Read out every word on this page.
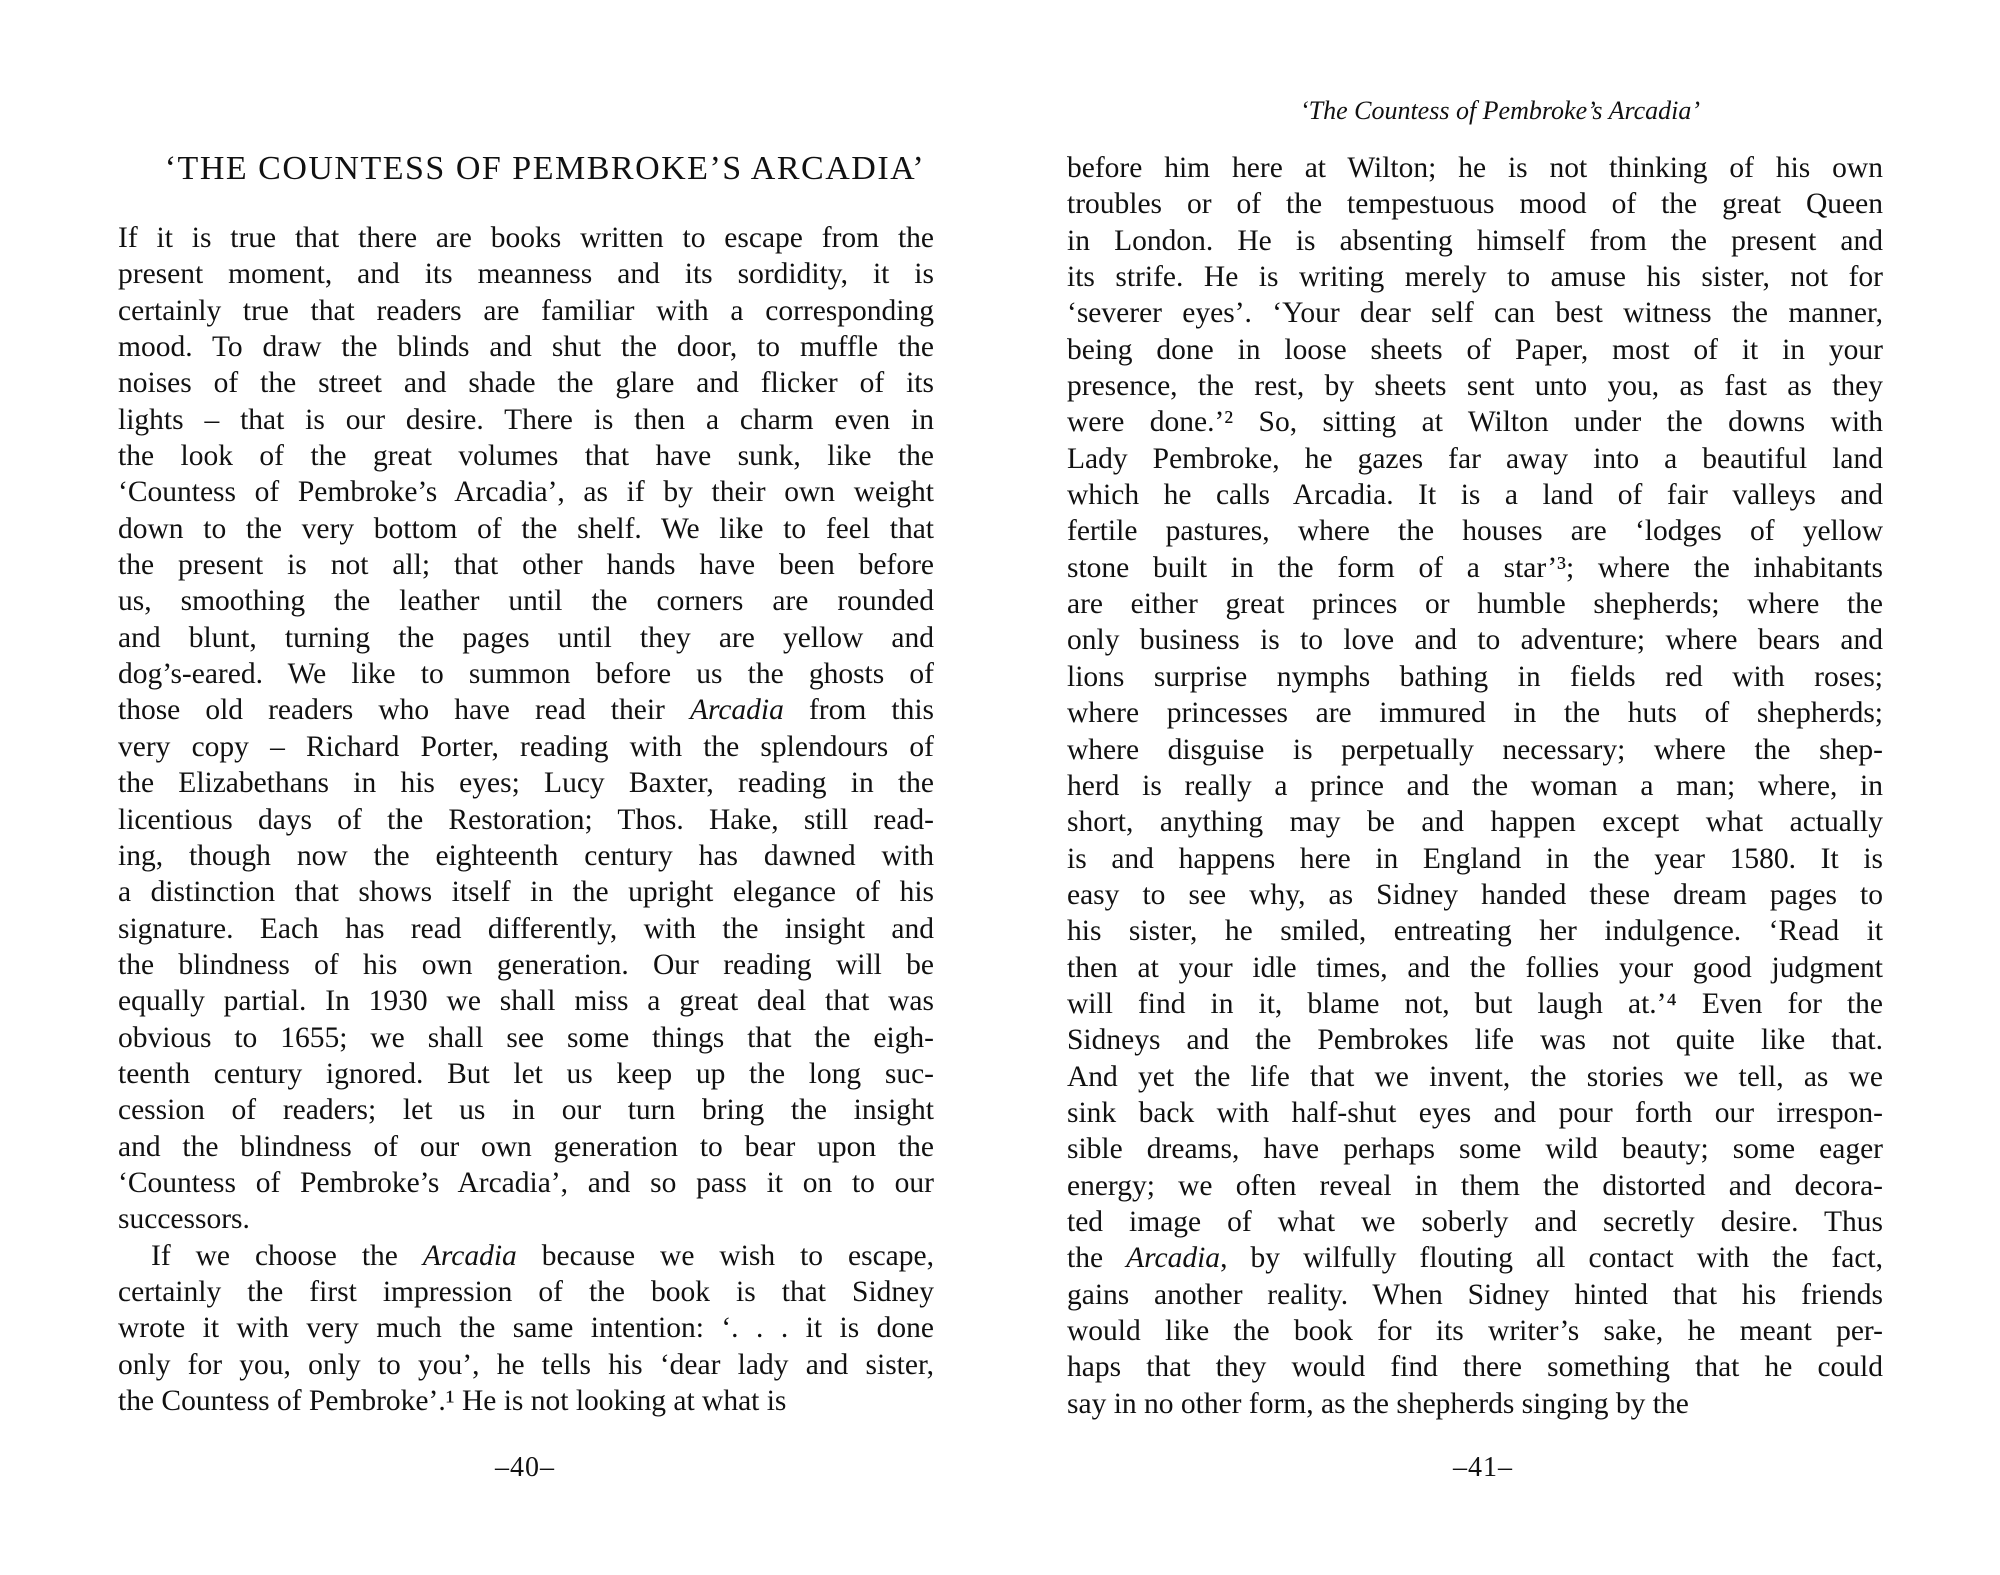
‘THE COUNTESS OF PEMBROKE’S ARCADIA’
If it is true that there are books written to escape from the
present moment, and its meanness and its sordidity, it is
certainly true that readers are familiar with a corresponding
mood. To draw the blinds and shut the door, to muffle the
noises of the street and shade the glare and flicker of its
lights – that is our desire. There is then a charm even in
the look of the great volumes that have sunk, like the
‘Countess of Pembroke’s Arcadia’, as if by their own weight
down to the very bottom of the shelf. We like to feel that
the present is not all; that other hands have been before
us, smoothing the leather until the corners are rounded
and blunt, turning the pages until they are yellow and
dog’s-eared. We like to summon before us the ghosts of
those old readers who have read their Arcadia from this
very copy – Richard Porter, reading with the splendours of
the Elizabethans in his eyes; Lucy Baxter, reading in the
licentious days of the Restoration; Thos. Hake, still read-
ing, though now the eighteenth century has dawned with
a distinction that shows itself in the upright elegance of his
signature. Each has read differently, with the insight and
the blindness of his own generation. Our reading will be
equally partial. In 1930 we shall miss a great deal that was
obvious to 1655; we shall see some things that the eigh-
teenth century ignored. But let us keep up the long suc-
cession of readers; let us in our turn bring the insight
and the blindness of our own generation to bear upon the
‘Countess of Pembroke’s Arcadia’, and so pass it on to our
successors.
If we choose the Arcadia because we wish to escape,
certainly the first impression of the book is that Sidney
wrote it with very much the same intention: ‘. . . it is done
only for you, only to you’, he tells his ‘dear lady and sister,
the Countess of Pembroke’.¹ He is not looking at what is
–40–
‘The Countess of Pembroke’s Arcadia’
before him here at Wilton; he is not thinking of his own
troubles or of the tempestuous mood of the great Queen
in London. He is absenting himself from the present and
its strife. He is writing merely to amuse his sister, not for
‘severer eyes’. ‘Your dear self can best witness the manner,
being done in loose sheets of Paper, most of it in your
presence, the rest, by sheets sent unto you, as fast as they
were done.’² So, sitting at Wilton under the downs with
Lady Pembroke, he gazes far away into a beautiful land
which he calls Arcadia. It is a land of fair valleys and
fertile pastures, where the houses are ‘lodges of yellow
stone built in the form of a star’³; where the inhabitants
are either great princes or humble shepherds; where the
only business is to love and to adventure; where bears and
lions surprise nymphs bathing in fields red with roses;
where princesses are immured in the huts of shepherds;
where disguise is perpetually necessary; where the shep-
herd is really a prince and the woman a man; where, in
short, anything may be and happen except what actually
is and happens here in England in the year 1580. It is
easy to see why, as Sidney handed these dream pages to
his sister, he smiled, entreating her indulgence. ‘Read it
then at your idle times, and the follies your good judgment
will find in it, blame not, but laugh at.’⁴ Even for the
Sidneys and the Pembrokes life was not quite like that.
And yet the life that we invent, the stories we tell, as we
sink back with half-shut eyes and pour forth our irrespon-
sible dreams, have perhaps some wild beauty; some eager
energy; we often reveal in them the distorted and decora-
ted image of what we soberly and secretly desire. Thus
the Arcadia, by wilfully flouting all contact with the fact,
gains another reality. When Sidney hinted that his friends
would like the book for its writer’s sake, he meant per-
haps that they would find there something that he could
say in no other form, as the shepherds singing by the
–41–
